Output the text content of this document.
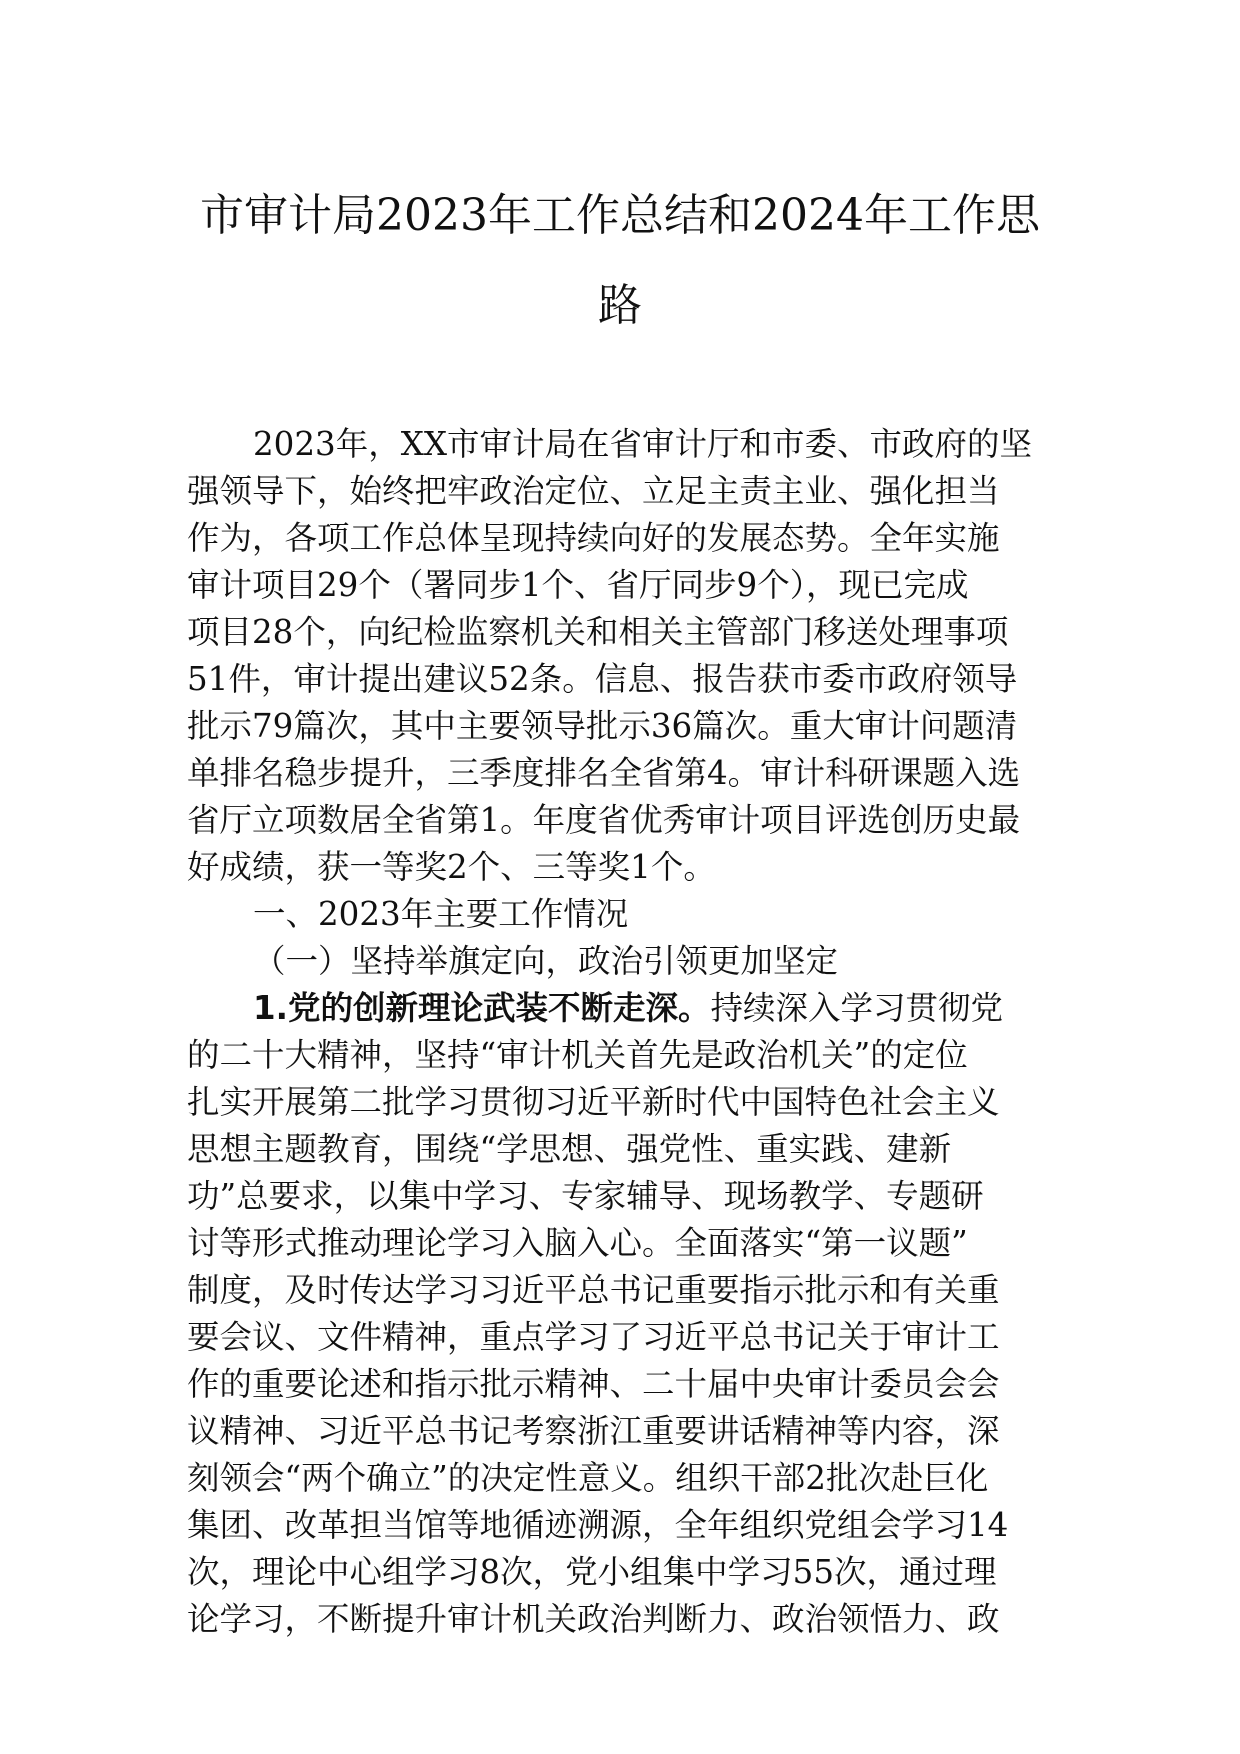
市审计局2023年工作总结和2024年工作思
路
2023年，XX市审计局在省审计厅和市委、市政府的坚
强领导下，始终把牢政治定位、立足主责主业、强化担当
作为，各项工作总体呈现持续向好的发展态势。全年实施
审计项目29个（署同步1个、省厅同步9个），现已完成
项目28个，向纪检监察机关和相关主管部门移送处理事项
51件，审计提出建议52条。信息、报告获市委市政府领导
批示79篇次，其中主要领导批示36篇次。重大审计问题清
单排名稳步提升，三季度排名全省第4。审计科研课题入选
省厅立项数居全省第1。年度省优秀审计项目评选创历史最
好成绩，获一等奖2个、三等奖1个。
一、2023年主要工作情况
（一）坚持举旗定向，政治引领更加坚定
1.党的创新理论武装不断走深。持续深入学习贯彻党
的二十大精神，坚持“审计机关首先是政治机关”的定位
扎实开展第二批学习贯彻习近平新时代中国特色社会主义
思想主题教育，围绕“学思想、强党性、重实践、建新
功”总要求，以集中学习、专家辅导、现场教学、专题研
讨等形式推动理论学习入脑入心。全面落实“第一议题”
制度，及时传达学习习近平总书记重要指示批示和有关重
要会议、文件精神，重点学习了习近平总书记关于审计工
作的重要论述和指示批示精神、二十届中央审计委员会会
议精神、习近平总书记考察浙江重要讲话精神等内容，深
刻领会“两个确立”的决定性意义。组织干部2批次赴巨化
集团、改革担当馆等地循迹溯源，全年组织党组会学习14
次，理论中心组学习8次，党小组集中学习55次，通过理
论学习，不断提升审计机关政治判断力、政治领悟力、政
